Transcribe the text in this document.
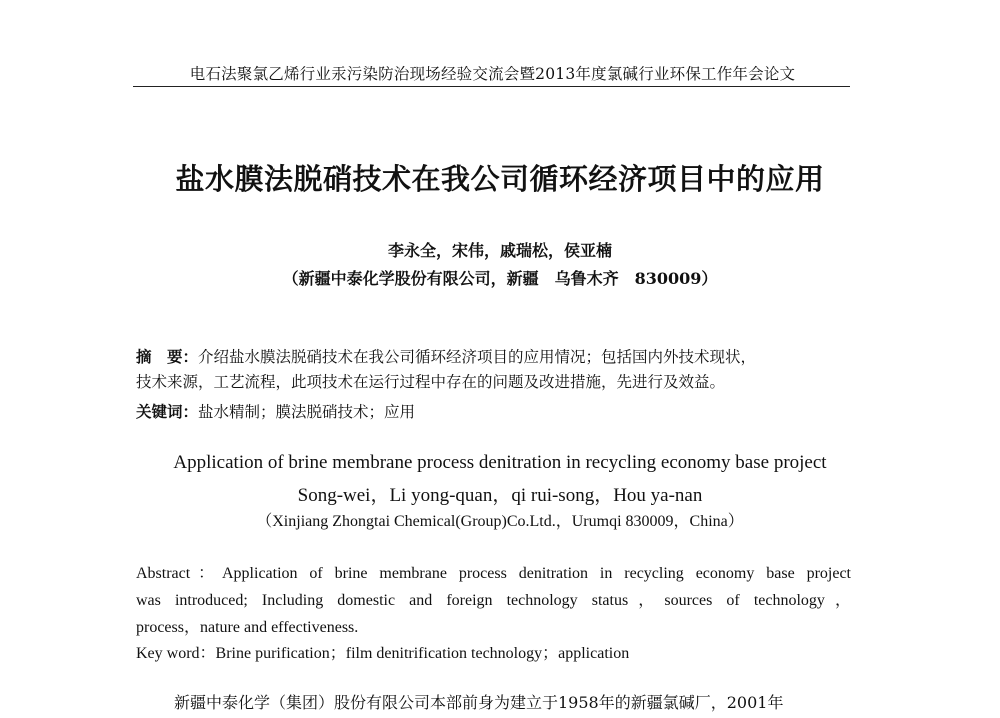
电石法聚氯乙烯行业汞污染防治现场经验交流会暨2013年度氯碱行业环保工作年会论文
盐水膜法脱硝技术在我公司循环经济项目中的应用
李永全，宋伟，戚瑞松，侯亚楠
（新疆中泰化学股份有限公司，新疆　乌鲁木齐　830009）
摘　要：介绍盐水膜法脱硝技术在我公司循环经济项目的应用情况；包括国内外技术现状，
技术来源，工艺流程，此项技术在运行过程中存在的问题及改进措施，先进行及效益。
关键词：盐水精制；膜法脱硝技术；应用
Application of brine membrane process denitration in recycling economy base project
Song-wei，Li yong-quan，qi rui-song，Hou ya-nan
（Xinjiang Zhongtai Chemical(Group)Co.Ltd.，Urumqi 830009，China）
Abstract：Application of brine membrane process denitration in recycling economy base project
was introduced; Including domestic and foreign technology status，sources of technology，
process，nature and effectiveness.
Key word：Brine purification；film denitrification technology；application
新疆中泰化学（集团）股份有限公司本部前身为建立于1958年的新疆氯碱厂，2001年
